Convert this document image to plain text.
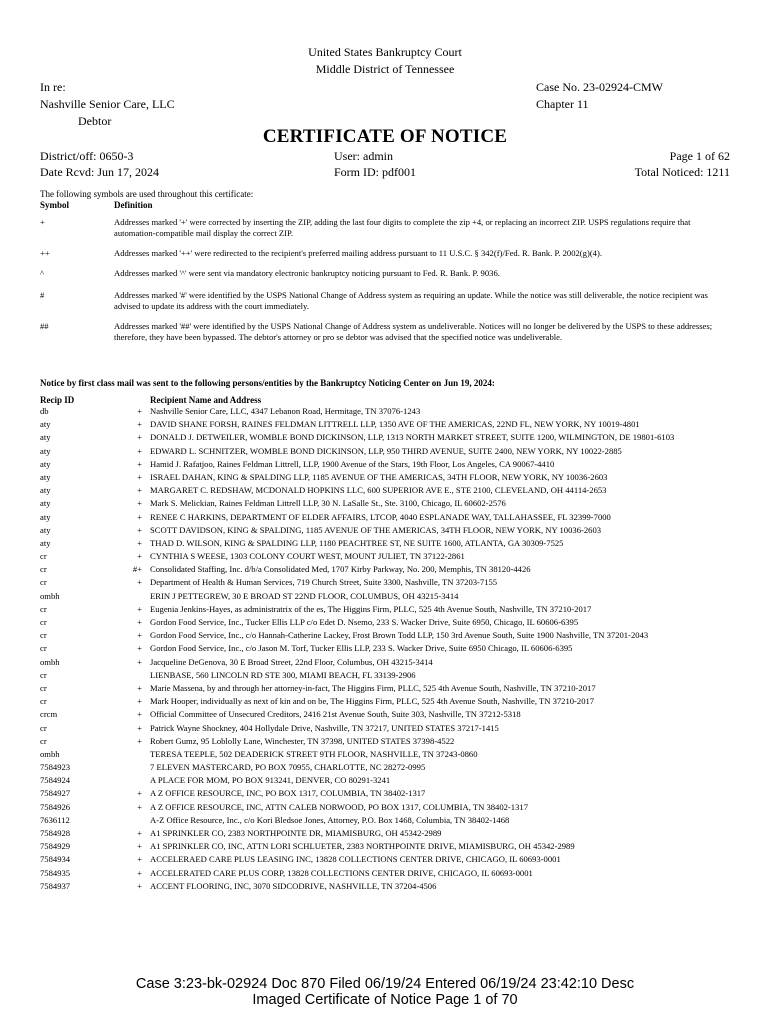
United States Bankruptcy Court
Middle District of Tennessee
In re:
Nashville Senior Care, LLC
Debtor
Case No. 23-02924-CMW
Chapter 11
CERTIFICATE OF NOTICE
District/off: 0650-3
Date Rcvd: Jun 17, 2024
User: admin
Form ID: pdf001
Page 1 of 62
Total Noticed: 1211
The following symbols are used throughout this certificate:
Symbol	Definition
+	Addresses marked '+' were corrected by inserting the ZIP, adding the last four digits to complete the zip +4, or replacing an incorrect ZIP. USPS regulations require that automation-compatible mail display the correct ZIP.
++	Addresses marked '++' were redirected to the recipient's preferred mailing address pursuant to 11 U.S.C. § 342(f)/Fed. R. Bank. P. 2002(g)(4).
^	Addresses marked '^' were sent via mandatory electronic bankruptcy noticing pursuant to Fed. R. Bank. P. 9036.
#	Addresses marked '#' were identified by the USPS National Change of Address system as requiring an update. While the notice was still deliverable, the notice recipient was advised to update its address with the court immediately.
##	Addresses marked '##' were identified by the USPS National Change of Address system as undeliverable. Notices will no longer be delivered by the USPS to these addresses; therefore, they have been bypassed. The debtor's attorney or pro se debtor was advised that the specified notice was undeliverable.
Notice by first class mail was sent to the following persons/entities by the Bankruptcy Noticing Center on Jun 19, 2024:
Recip ID	Recipient Name and Address
db	+ Nashville Senior Care, LLC, 4347 Lebanon Road, Hermitage, TN 37076-1243
aty	+ DAVID SHANE FORSH, RAINES FELDMAN LITTRELL LLP, 1350 AVE OF THE AMERICAS, 22ND FL, NEW YORK, NY 10019-4801
aty	+ DONALD J. DETWEILER, WOMBLE BOND DICKINSON, LLP, 1313 NORTH MARKET STREET, SUITE 1200, WILMINGTON, DE 19801-6103
aty	+ EDWARD L. SCHNITZER, WOMBLE BOND DICKINSON, LLP, 950 THIRD AVENUE, SUITE 2400, NEW YORK, NY 10022-2885
aty	+ Hamid J. Rafatjoo, Raines Feldman Littrell, LLP, 1900 Avenue of the Stars, 19th Floor, Los Angeles, CA 90067-4410
aty	+ ISRAEL DAHAN, KING & SPALDING LLP, 1185 AVENUE OF THE AMERICAS, 34TH FLOOR, NEW YORK, NY 10036-2603
aty	+ MARGARET C. REDSHAW, MCDONALD HOPKINS LLC, 600 SUPERIOR AVE E., STE 2100, CLEVELAND, OH 44114-2653
aty	+ Mark S. Melickian, Raines Feldman Littrell LLP, 30 N. LaSalle St., Ste. 3100, Chicago, IL 60602-2576
aty	+ RENEE C HARKINS, DEPARTMENT OF ELDER AFFAIRS, LTCOP, 4040 ESPLANADE WAY, TALLAHASSEE, FL 32399-7000
aty	+ SCOTT DAVIDSON, KING & SPALDING, 1185 AVENUE OF THE AMERICAS, 34TH FLOOR, NEW YORK, NY 10036-2603
aty	+ THAD D. WILSON, KING & SPALDING LLP, 1180 PEACHTREE ST, NE SUITE 1600, ATLANTA, GA 30309-7525
cr	+ CYNTHIA S WEESE, 1303 COLONY COURT WEST, MOUNT JULIET, TN 37122-2861
cr	#+ Consolidated Staffing, Inc. d/b/a Consolidated Med, 1707 Kirby Parkway, No. 200, Memphis, TN 38120-4426
cr	+ Department of Health & Human Services, 719 Church Street, Suite 3300, Nashville, TN 37203-7155
ombh	ERIN J PETTEGREW, 30 E BROAD ST 22ND FLOOR, COLUMBUS, OH 43215-3414
cr	+ Eugenia Jenkins-Hayes, as administratrix of the es, The Higgins Firm, PLLC, 525 4th Avenue South, Nashville, TN 37210-2017
cr	+ Gordon Food Service, Inc., Tucker Ellis LLP c/o Edet D. Nsemo, 233 S. Wacker Drive, Suite 6950, Chicago, IL 60606-6395
cr	+ Gordon Food Service, Inc., c/o Hannah-Catherine Lackey, Frost Brown Todd LLP, 150 3rd Avenue South, Suite 1900 Nashville, TN 37201-2043
cr	+ Gordon Food Service, Inc., c/o Jason M. Torf, Tucker Ellis LLP, 233 S. Wacker Drive, Suite 6950 Chicago, IL 60606-6395
ombh	+ Jacqueline DeGenova, 30 E Broad Street, 22nd Floor, Columbus, OH 43215-3414
cr	LIENBASE, 560 LINCOLN RD STE 300, MIAMI BEACH, FL 33139-2906
cr	+ Marie Massena, by and through her attorney-in-fact, The Higgins Firm, PLLC, 525 4th Avenue South, Nashville, TN 37210-2017
cr	+ Mark Hooper, individually as next of kin and on be, The Higgins Firm, PLLC, 525 4th Avenue South, Nashville, TN 37210-2017
crcm	+ Official Committee of Unsecured Creditors, 2416 21st Avenue South, Suite 303, Nashville, TN 37212-5318
cr	+ Patrick Wayne Shockney, 404 Hollydale Drive, Nashville, TN 37217, UNITED STATES 37217-1415
cr	+ Robert Gumz, 95 Loblolly Lane, Winchester, TN 37398, UNITED STATES 37398-4522
ombh	TERESA TEEPLE, 502 DEADERICK STREET 9TH FLOOR, NASHVILLE, TN 37243-0860
7584923	7 ELEVEN MASTERCARD, PO BOX 70955, CHARLOTTE, NC 28272-0995
7584924	A PLACE FOR MOM, PO BOX 913241, DENVER, CO 80291-3241
7584927	+ A Z OFFICE RESOURCE, INC, PO BOX 1317, COLUMBIA, TN 38402-1317
7584926	+ A Z OFFICE RESOURCE, INC, ATTN CALEB NORWOOD, PO BOX 1317, COLUMBIA, TN 38402-1317
7636112	A-Z Office Resource, Inc., c/o Kori Bledsoe Jones, Attorney, P.O. Box 1468, Columbia, TN 38402-1468
7584928	+ A1 SPRINKLER CO, 2383 NORTHPOINTE DR, MIAMISBURG, OH 45342-2989
7584929	+ A1 SPRINKLER CO, INC, ATTN LORI SCHLUETER, 2383 NORTHPOINTE DRIVE, MIAMISBURG, OH 45342-2989
7584934	+ ACCELERAED CARE PLUS LEASING INC, 13828 COLLECTIONS CENTER DRIVE, CHICAGO, IL 60693-0001
7584935	+ ACCELERATED CARE PLUS CORP, 13828 COLLECTIONS CENTER DRIVE, CHICAGO, IL 60693-0001
7584937	+ ACCENT FLOORING, INC, 3070 SIDCODRIVE, NASHVILLE, TN 37204-4506
Case 3:23-bk-02924 Doc 870 Filed 06/19/24 Entered 06/19/24 23:42:10 Desc
Imaged Certificate of Notice Page 1 of 70
